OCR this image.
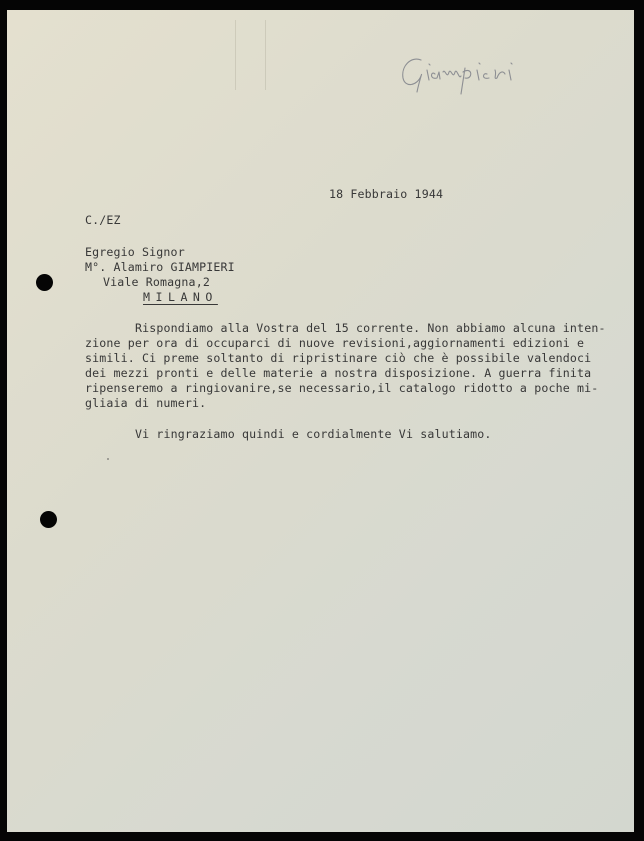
18 Febbraio 1944
C./EZ
Egregio Signor
M°. Alamiro GIAMPIERI
Viale Romagna,2
MILANO
Rispondiamo alla Vostra del 15 corrente. Non abbiamo alcuna inten-
zione per ora di occuparci di nuove revisioni,aggiornamenti edizioni e
simili. Ci preme soltanto di ripristinare ciò che è possibile valendoci
dei mezzi pronti e delle materie a nostra disposizione. A guerra finita
ripenseremo a ringiovanire,se necessario,il catalogo ridotto a poche mi-
gliaia di numeri.
Vi ringraziamo quindi e cordialmente Vi salutiamo.
